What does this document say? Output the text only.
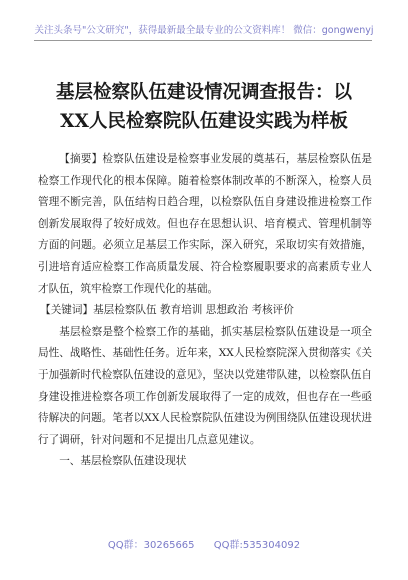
关注头条号"公文研究"，获得最新最全最专业的公文资料库！ 微信：gongwenyj
基层检察队伍建设情况调查报告：以
XX人民检察院队伍建设实践为样板

【摘要】检察队伍建设是检察事业发展的奠基石，基层检察队伍是检察工作现代化的根本保障。随着检察体制改革的不断深入，检察人员管理不断完善，队伍结构日趋合理，以检察队伍自身建设推进检察工作创新发展取得了较好成效。但也存在思想认识、培育模式、管理机制等方面的问题。必须立足基层工作实际，深入研究，采取切实有效措施，引进培育适应检察工作高质量发展、符合检察履职要求的高素质专业人才队伍，筑牢检察工作现代化的基础。

【关键词】基层检察队伍 教育培训 思想政治 考核评价

基层检察是整个检察工作的基础，抓实基层检察队伍建设是一项全局性、战略性、基础性任务。近年来，XX人民检察院深入贯彻落实《关于加强新时代检察队伍建设的意见》，坚决以党建带队建，以检察队伍自身建设推进检察各项工作创新发展取得了一定的成效，但也存在一些亟待解决的问题。笔者以XX人民检察院队伍建设为例围绕队伍建设现状进行了调研，针对问题和不足提出几点意见建议。

一、基层检察队伍建设现状

QQ群：30265665 QQ群:535304092
